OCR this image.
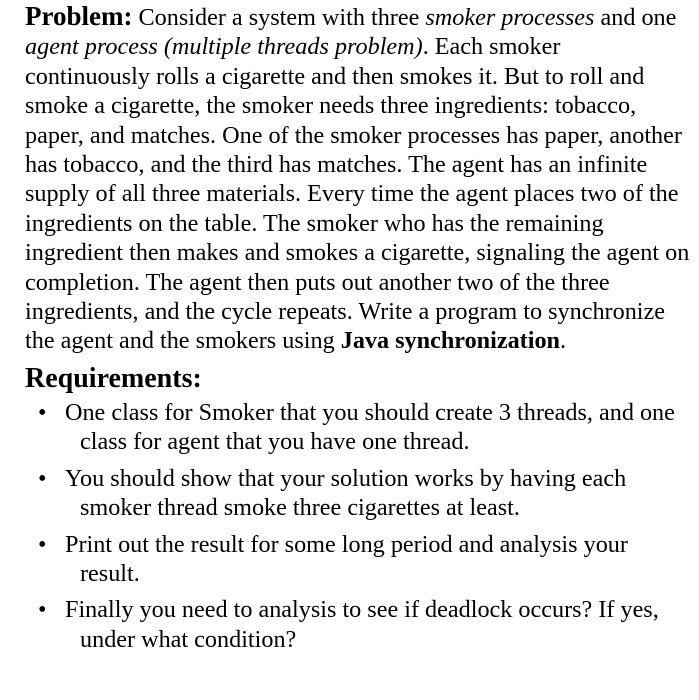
Problem: Consider a system with three smoker processes and one agent process (multiple threads problem). Each smoker continuously rolls a cigarette and then smokes it. But to roll and smoke a cigarette, the smoker needs three ingredients: tobacco, paper, and matches. One of the smoker processes has paper, another has tobacco, and the third has matches. The agent has an infinite supply of all three materials. Every time the agent places two of the ingredients on the table. The smoker who has the remaining ingredient then makes and smokes a cigarette, signaling the agent on completion. The agent then puts out another two of the three ingredients, and the cycle repeats. Write a program to synchronize the agent and the smokers using Java synchronization.

Requirements:
• One class for Smoker that you should create 3 threads, and one class for agent that you have one thread.
• You should show that your solution works by having each smoker thread smoke three cigarettes at least.
• Print out the result for some long period and analysis your result.
• Finally you need to analysis to see if deadlock occurs? If yes, under what condition?
